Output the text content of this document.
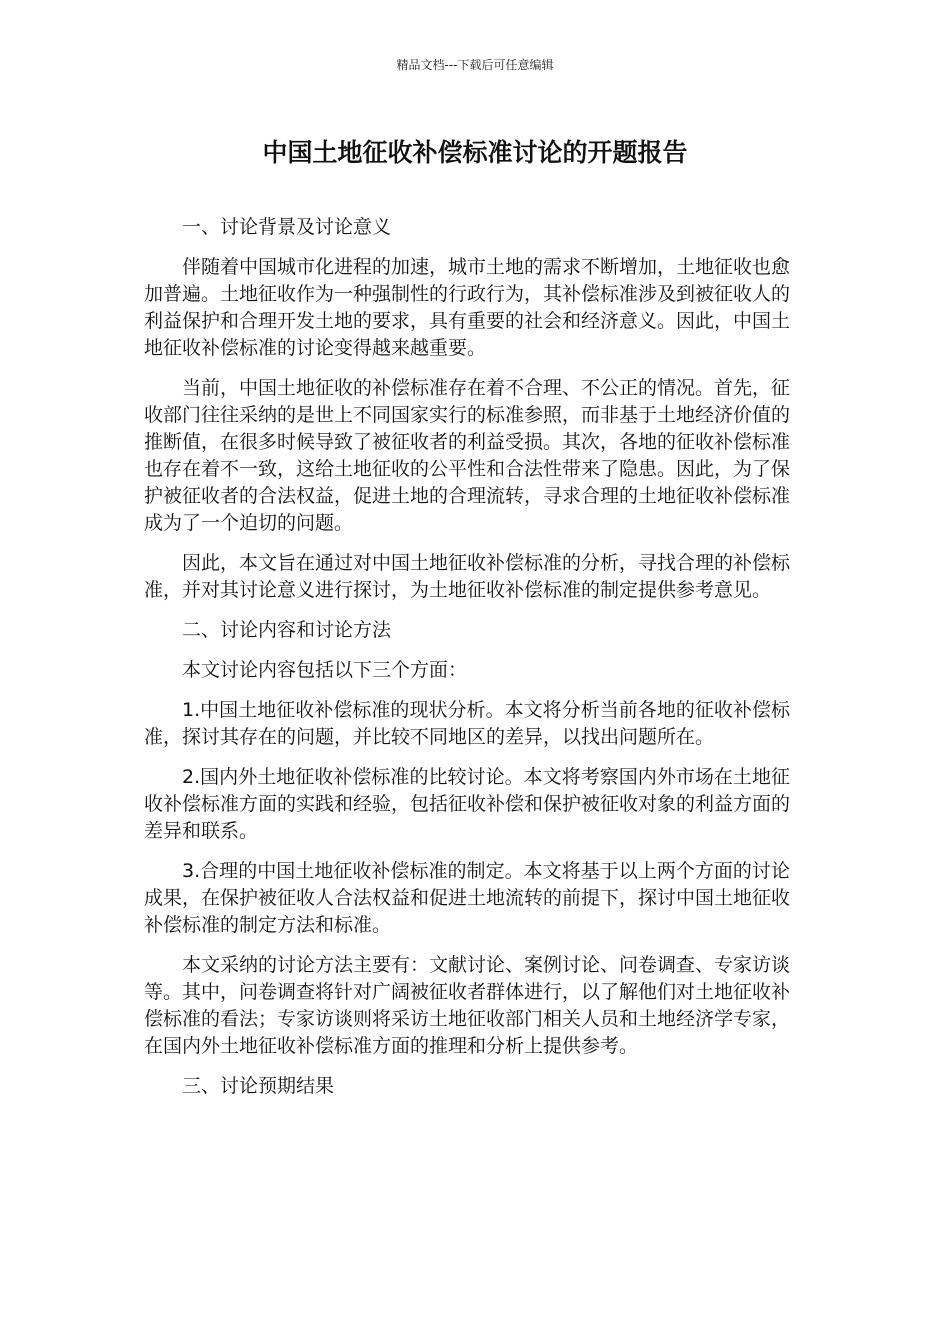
精品文档---下载后可任意编辑
中国土地征收补偿标准讨论的开题报告

一、讨论背景及讨论意义

伴随着中国城市化进程的加速，城市土地的需求不断增加，土地征收也愈加普遍。土地征收作为一种强制性的行政行为，其补偿标准涉及到被征收人的利益保护和合理开发土地的要求，具有重要的社会和经济意义。因此，中国土地征收补偿标准的讨论变得越来越重要。

当前，中国土地征收的补偿标准存在着不合理、不公正的情况。首先，征收部门往往采纳的是世上不同国家实行的标准参照，而非基于土地经济价值的推断值，在很多时候导致了被征收者的利益受损。其次，各地的征收补偿标准也存在着不一致，这给土地征收的公平性和合法性带来了隐患。因此，为了保护被征收者的合法权益，促进土地的合理流转，寻求合理的土地征收补偿标准成为了一个迫切的问题。

因此，本文旨在通过对中国土地征收补偿标准的分析，寻找合理的补偿标准，并对其讨论意义进行探讨，为土地征收补偿标准的制定提供参考意见。

二、讨论内容和讨论方法

本文讨论内容包括以下三个方面：

1.中国土地征收补偿标准的现状分析。本文将分析当前各地的征收补偿标准，探讨其存在的问题，并比较不同地区的差异，以找出问题所在。

2.国内外土地征收补偿标准的比较讨论。本文将考察国内外市场在土地征收补偿标准方面的实践和经验，包括征收补偿和保护被征收对象的利益方面的差异和联系。

3.合理的中国土地征收补偿标准的制定。本文将基于以上两个方面的讨论成果，在保护被征收人合法权益和促进土地流转的前提下，探讨中国土地征收补偿标准的制定方法和标准。

本文采纳的讨论方法主要有：文献讨论、案例讨论、问卷调查、专家访谈等。其中，问卷调查将针对广阔被征收者群体进行，以了解他们对土地征收补偿标准的看法；专家访谈则将采访土地征收部门相关人员和土地经济学专家，在国内外土地征收补偿标准方面的推理和分析上提供参考。

三、讨论预期结果
